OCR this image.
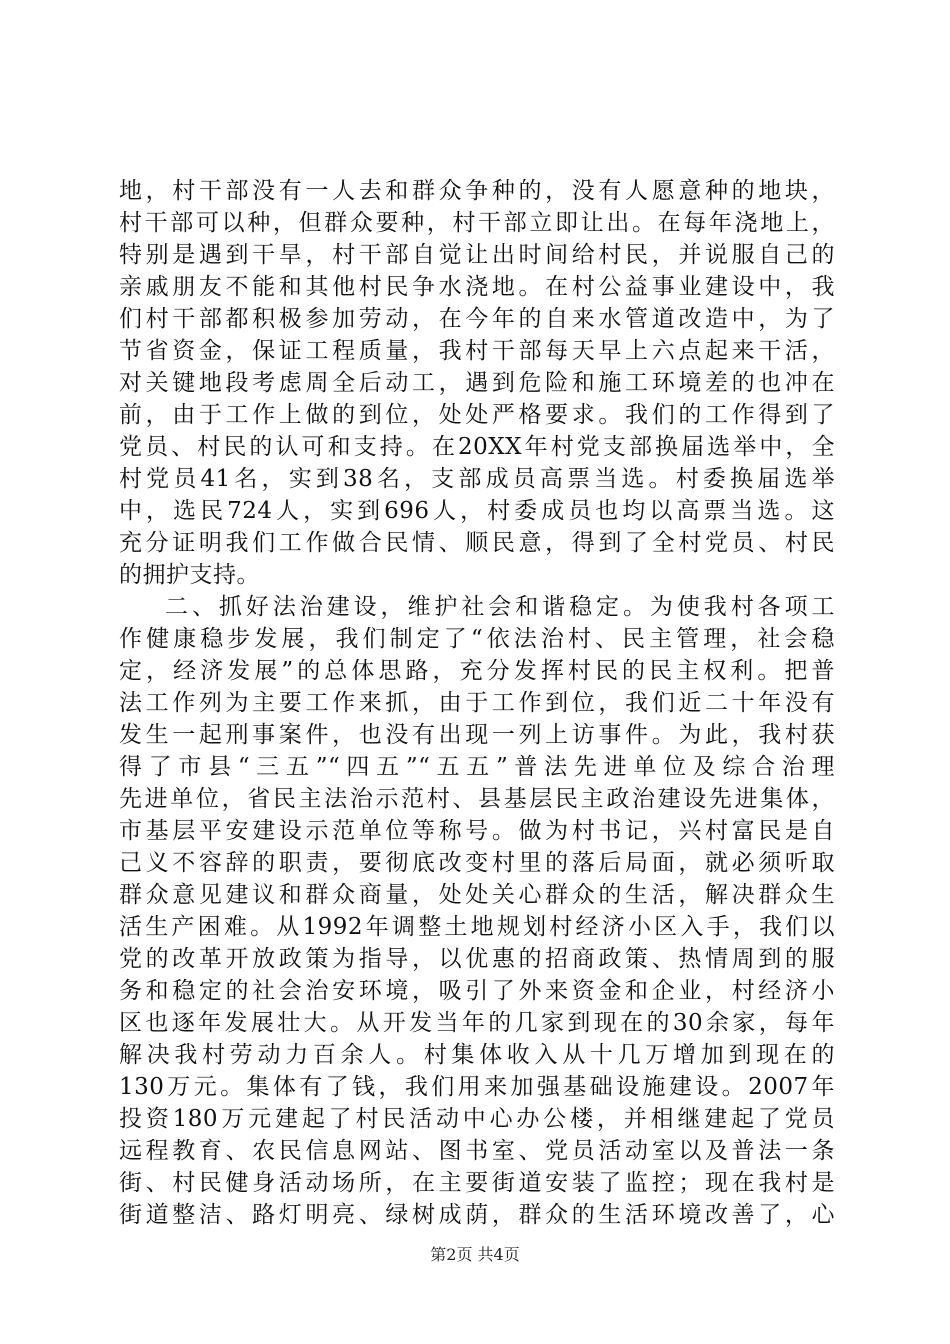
地，村干部没有一人去和群众争种的，没有人愿意种的地块，
村干部可以种，但群众要种，村干部立即让出。在每年浇地上，
特别是遇到干旱，村干部自觉让出时间给村民，并说服自己的
亲戚朋友不能和其他村民争水浇地。在村公益事业建设中，我
们村干部都积极参加劳动，在今年的自来水管道改造中，为了
节省资金，保证工程质量，我村干部每天早上六点起来干活，
对关键地段考虑周全后动工，遇到危险和施工环境差的也冲在
前，由于工作上做的到位，处处严格要求。我们的工作得到了
党员、村民的认可和支持。在20XX年村党支部换届选举中，全
村党员41名，实到38名，支部成员高票当选。村委换届选举
中，选民724人，实到696人，村委成员也均以高票当选。这
充分证明我们工作做合民情、顺民意，得到了全村党员、村民
的拥护支持。
二、抓好法治建设，维护社会和谐稳定。为使我村各项工
作健康稳步发展，我们制定了“依法治村、民主管理，社会稳
定，经济发展”的总体思路，充分发挥村民的民主权利。把普
法工作列为主要工作来抓，由于工作到位，我们近二十年没有
发生一起刑事案件，也没有出现一列上访事件。为此，我村获
得了市县“三五”“四五”“五五”普法先进单位及综合治理
先进单位，省民主法治示范村、县基层民主政治建设先进集体，
市基层平安建设示范单位等称号。做为村书记，兴村富民是自
己义不容辞的职责，要彻底改变村里的落后局面，就必须听取
群众意见建议和群众商量，处处关心群众的生活，解决群众生
活生产困难。从1992年调整土地规划村经济小区入手，我们以
党的改革开放政策为指导，以优惠的招商政策、热情周到的服
务和稳定的社会治安环境，吸引了外来资金和企业，村经济小
区也逐年发展壮大。从开发当年的几家到现在的30余家，每年
解决我村劳动力百余人。村集体收入从十几万增加到现在的
130万元。集体有了钱，我们用来加强基础设施建设。2007年
投资180万元建起了村民活动中心办公楼，并相继建起了党员
远程教育、农民信息网站、图书室、党员活动室以及普法一条
街、村民健身活动场所，在主要街道安装了监控；现在我村是
街道整洁、路灯明亮、绿树成荫，群众的生活环境改善了，心
第2页 共4页
